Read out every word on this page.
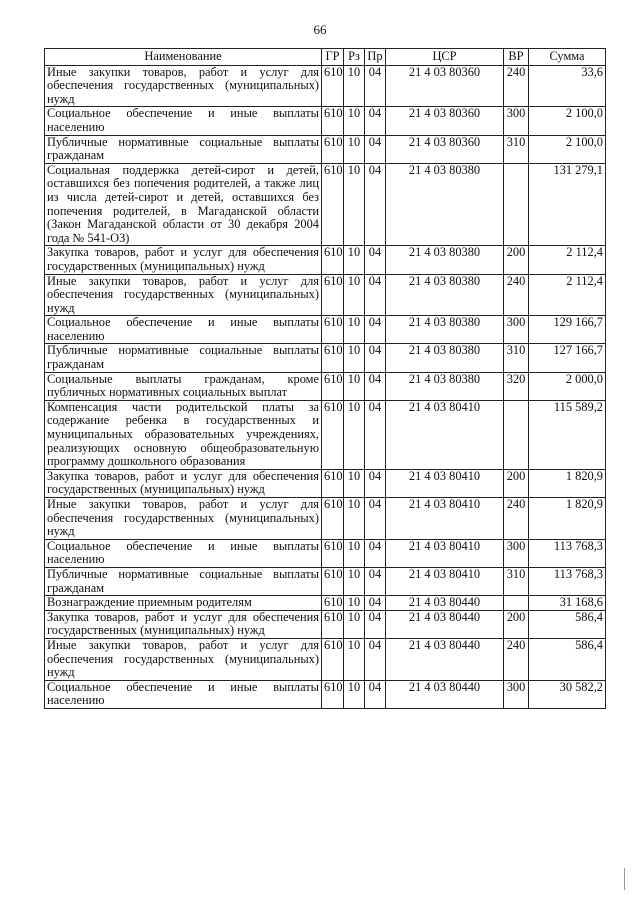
66
Наименование	ГР	Рз	Пр	ЦСР	ВР	Сумма
Иные закупки товаров, работ и услуг для обеспечения государственных (муниципальных) нужд	610	10	04	21 4 03 80360	240	33,6
Социальное обеспечение и иные выплаты населению	610	10	04	21 4 03 80360	300	2 100,0
Публичные нормативные социальные выплаты гражданам	610	10	04	21 4 03 80360	310	2 100,0
Социальная поддержка детей-сирот и детей, оставшихся без попечения родителей, а также лиц из числа детей-сирот и детей, оставшихся без попечения родителей, в Магаданской области (Закон Магаданской области от 30 декабря 2004 года № 541-ОЗ)	610	10	04	21 4 03 80380		131 279,1
Закупка товаров, работ и услуг для обеспечения государственных (муниципальных) нужд	610	10	04	21 4 03 80380	200	2 112,4
Иные закупки товаров, работ и услуг для обеспечения государственных (муниципальных) нужд	610	10	04	21 4 03 80380	240	2 112,4
Социальное обеспечение и иные выплаты населению	610	10	04	21 4 03 80380	300	129 166,7
Публичные нормативные социальные выплаты гражданам	610	10	04	21 4 03 80380	310	127 166,7
Социальные выплаты гражданам, кроме публичных нормативных социальных выплат	610	10	04	21 4 03 80380	320	2 000,0
Компенсация части родительской платы за содержание ребенка в государственных и муниципальных образовательных учреждениях, реализующих основную общеобразовательную программу дошкольного образования	610	10	04	21 4 03 80410		115 589,2
Закупка товаров, работ и услуг для обеспечения государственных (муниципальных) нужд	610	10	04	21 4 03 80410	200	1 820,9
Иные закупки товаров, работ и услуг для обеспечения государственных (муниципальных) нужд	610	10	04	21 4 03 80410	240	1 820,9
Социальное обеспечение и иные выплаты населению	610	10	04	21 4 03 80410	300	113 768,3
Публичные нормативные социальные выплаты гражданам	610	10	04	21 4 03 80410	310	113 768,3
Вознаграждение приемным родителям	610	10	04	21 4 03 80440		31 168,6
Закупка товаров, работ и услуг для обеспечения государственных (муниципальных) нужд	610	10	04	21 4 03 80440	200	586,4
Иные закупки товаров, работ и услуг для обеспечения государственных (муниципальных) нужд	610	10	04	21 4 03 80440	240	586,4
Социальное обеспечение и иные выплаты населению	610	10	04	21 4 03 80440	300	30 582,2
